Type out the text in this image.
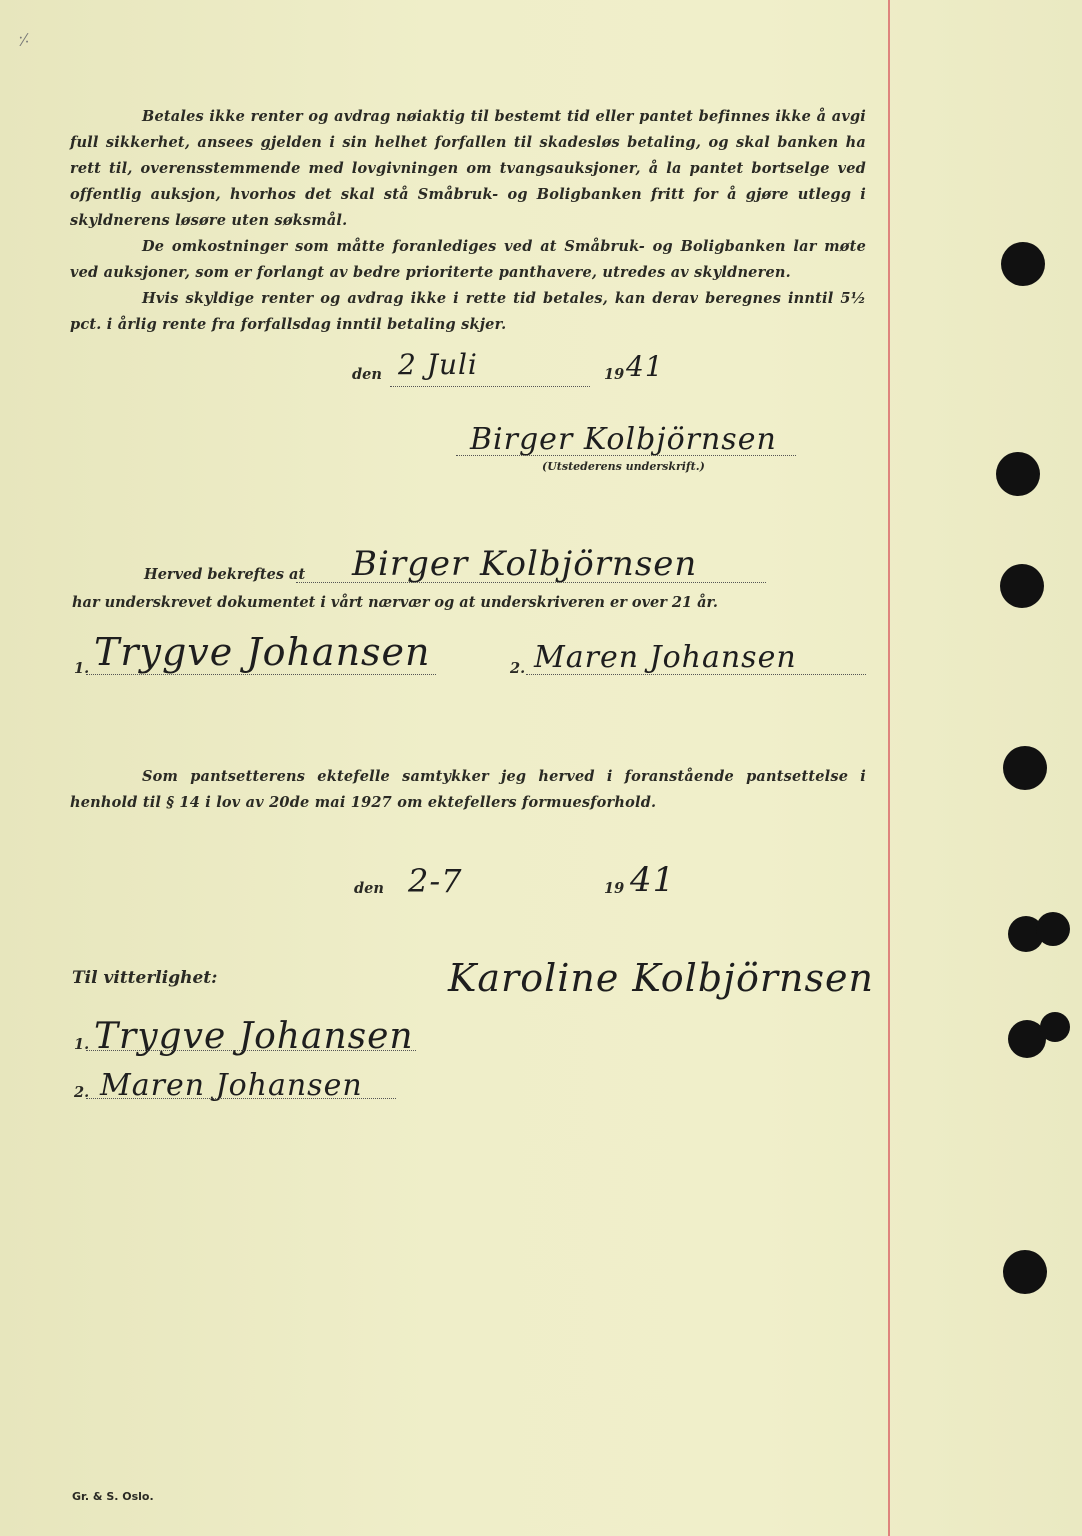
⸓

Betales ikke renter og avdrag nøiaktig til bestemt tid eller pantet befinnes ikke å avgi full sikkerhet, ansees gjelden i sin helhet forfallen til skadesløs betaling, og skal banken ha rett til, overensstemmende med lovgivningen om tvangsauksjoner, å la pantet bortselge ved offentlig auksjon, hvorhos det skal stå Småbruk- og Boligbanken fritt for å gjøre utlegg i skyldnerens løsøre uten søksmål.

De omkostninger som måtte foranlediges ved at Småbruk- og Boligbanken lar møte ved auksjoner, som er forlangt av bedre prioriterte panthavere, utredes av skyldneren.

Hvis skyldige renter og avdrag ikke i rette tid betales, kan derav beregnes inntil 5½ pct. i årlig rente fra forfallsdag inntil betaling skjer.

den 2 Juli	19 41
Birger Kolbjörnsen
(Utstederens underskrift.)
Herved bekreftes at Birger Kolbjörnsen
har underskrevet dokumentet i vårt nærvær og at underskriveren er over 21 år.
1. Trygve Johansen	2. Maren Johansen

Som pantsetterens ektefelle samtykker jeg herved i foranstående pantsettelse i henhold til § 14 i lov av 20de mai 1927 om ektefellers formuesforhold.

den 2-7	19 41
Til vitterlighet:	Karoline Kolbjörnsen
1. Trygve Johansen
2. Maren Johansen
Gr. & S. Oslo.
